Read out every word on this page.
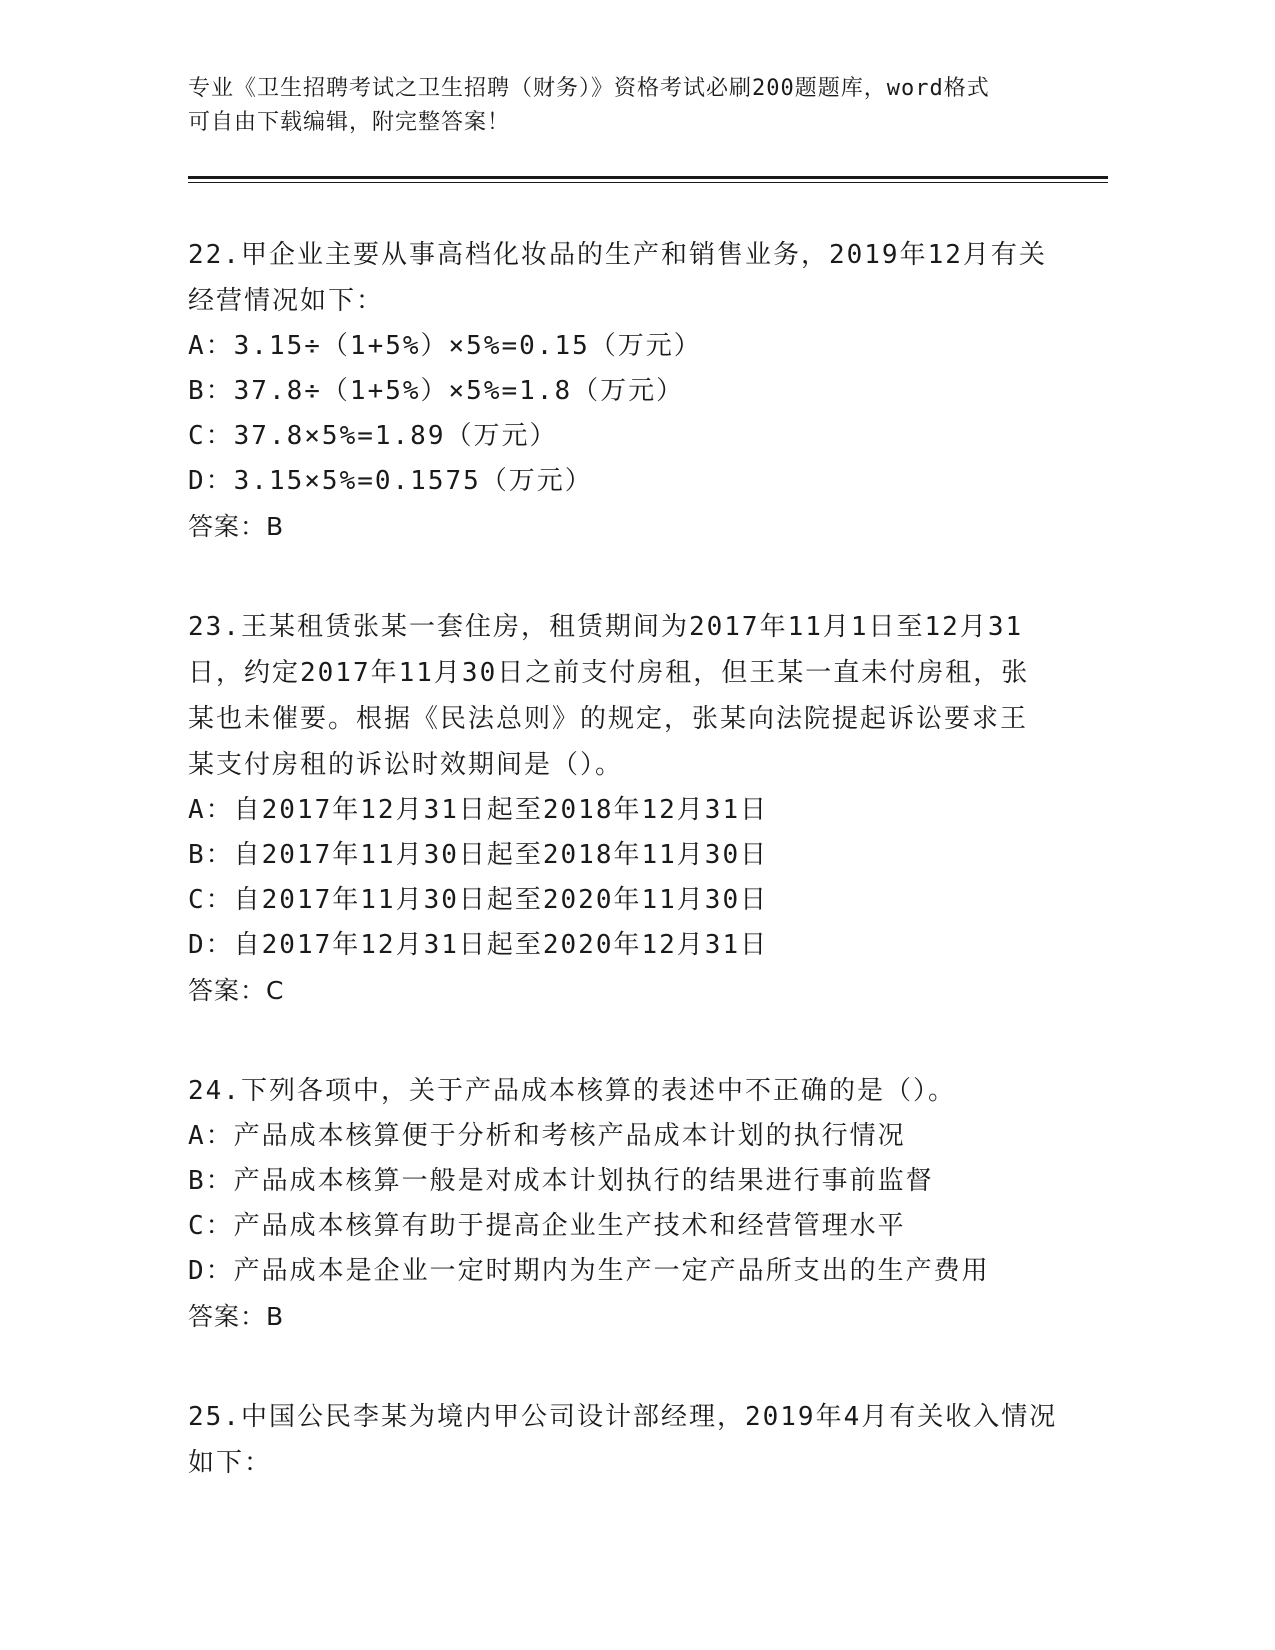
专业《卫生招聘考试之卫生招聘（财务）》资格考试必刷200题题库，word格式
可自由下载编辑，附完整答案！
22.甲企业主要从事高档化妆品的生产和销售业务，2019年12月有关
经营情况如下：
A：3.15÷（1+5%）×5%=0.15（万元）
B：37.8÷（1+5%）×5%=1.8（万元）
C：37.8×5%=1.89（万元）
D：3.15×5%=0.1575（万元）
答案：B
23.王某租赁张某一套住房，租赁期间为2017年11月1日至12月31
日，约定2017年11月30日之前支付房租，但王某一直未付房租，张
某也未催要。根据《民法总则》的规定，张某向法院提起诉讼要求王
某支付房租的诉讼时效期间是（）。
A：自2017年12月31日起至2018年12月31日
B：自2017年11月30日起至2018年11月30日
C：自2017年11月30日起至2020年11月30日
D：自2017年12月31日起至2020年12月31日
答案：C
24.下列各项中，关于产品成本核算的表述中不正确的是（）。
A：产品成本核算便于分析和考核产品成本计划的执行情况
B：产品成本核算一般是对成本计划执行的结果进行事前监督
C：产品成本核算有助于提高企业生产技术和经营管理水平
D：产品成本是企业一定时期内为生产一定产品所支出的生产费用
答案：B
25.中国公民李某为境内甲公司设计部经理，2019年4月有关收入情况
如下：
